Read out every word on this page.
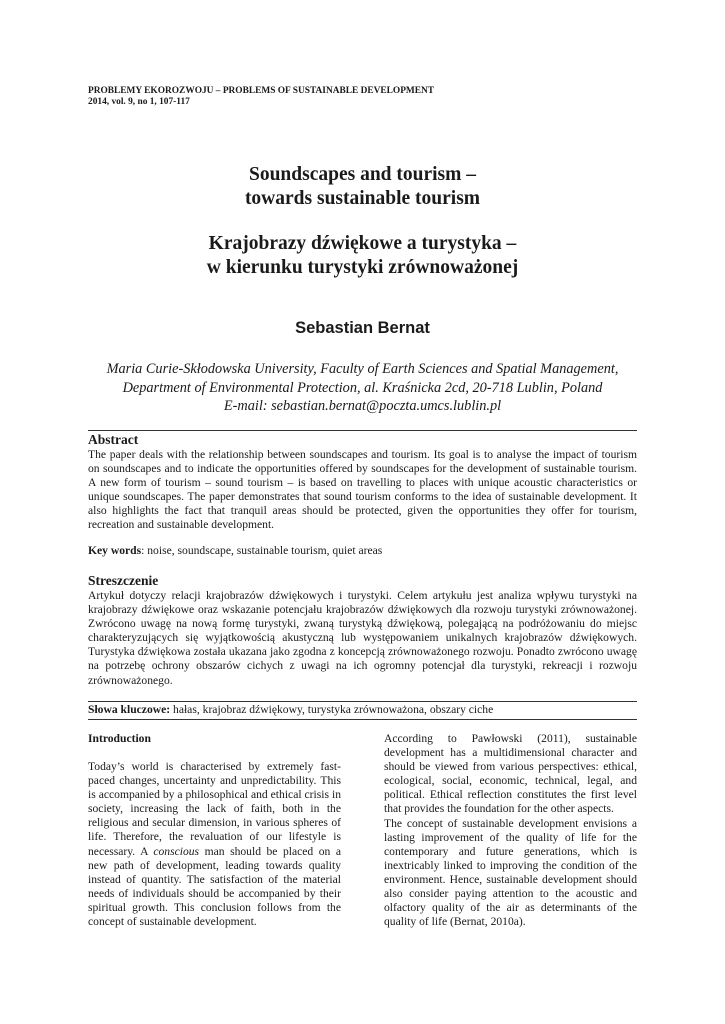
PROBLEMY EKOROZWOJU – PROBLEMS OF SUSTAINABLE DEVELOPMENT
2014, vol. 9, no 1, 107-117
Soundscapes and tourism –
towards sustainable tourism
Krajobrazy dźwiękowe a turystyka –
w kierunku turystyki zrównoważonej
Sebastian Bernat
Maria Curie-Skłodowska University, Faculty of Earth Sciences and Spatial Management,
Department of Environmental Protection, al. Kraśnicka 2cd, 20-718 Lublin, Poland
E-mail: sebastian.bernat@poczta.umcs.lublin.pl
Abstract

The paper deals with the relationship between soundscapes and tourism. Its goal is to analyse the impact of tourism on soundscapes and to indicate the opportunities offered by soundscapes for the development of sustainable tourism. A new form of tourism – sound tourism – is based on travelling to places with unique acoustic characteristics or unique soundscapes. The paper demonstrates that sound tourism conforms to the idea of sustainable development. It also highlights the fact that tranquil areas should be protected, given the opportunities they offer for tourism, recreation and sustainable development.

Key words: noise, soundscape, sustainable tourism, quiet areas
Streszczenie

Artykuł dotyczy relacji krajobrazów dźwiękowych i turystyki. Celem artykułu jest analiza wpływu turystyki na krajobrazy dźwiękowe oraz wskazanie potencjału krajobrazów dźwiękowych dla rozwoju turystyki zrównoważonej. Zwrócono uwagę na nową formę turystyki, zwaną turystyką dźwiękową, polegającą na podróżowaniu do miejsc charakteryzujących się wyjątkowością akustyczną lub występowaniem unikalnych krajobrazów dźwiękowych. Turystyka dźwiękowa została ukazana jako zgodna z koncepcją zrównoważonego rozwoju. Ponadto zwrócono uwagę na potrzebę ochrony obszarów cichych z uwagi na ich ogromny potencjał dla turystyki, rekreacji i rozwoju zrównoważonego.

Słowa kluczowe: hałas, krajobraz dźwiękowy, turystyka zrównoważona, obszary ciche
Introduction

Today’s world is characterised by extremely fast-paced changes, uncertainty and unpredictability. This is accompanied by a philosophical and ethical crisis in society, increasing the lack of faith, both in the religious and secular dimension, in various spheres of life. Therefore, the revaluation of our lifestyle is necessary. A conscious man should be placed on a new path of development, leading towards quality instead of quantity. The satisfaction of the material needs of individuals should be accompanied by their spiritual growth. This conclusion follows from the concept of sustainable development.

According to Pawłowski (2011), sustainable development has a multidimensional character and should be viewed from various perspectives: ethical, ecological, social, economic, technical, legal, and political. Ethical reflection constitutes the first level that provides the foundation for the other aspects.

The concept of sustainable development envisions a lasting improvement of the quality of life for the contemporary and future generations, which is inextricably linked to improving the condition of the environment. Hence, sustainable development should also consider paying attention to the acoustic and olfactory quality of the air as determinants of the quality of life (Bernat, 2010a).
